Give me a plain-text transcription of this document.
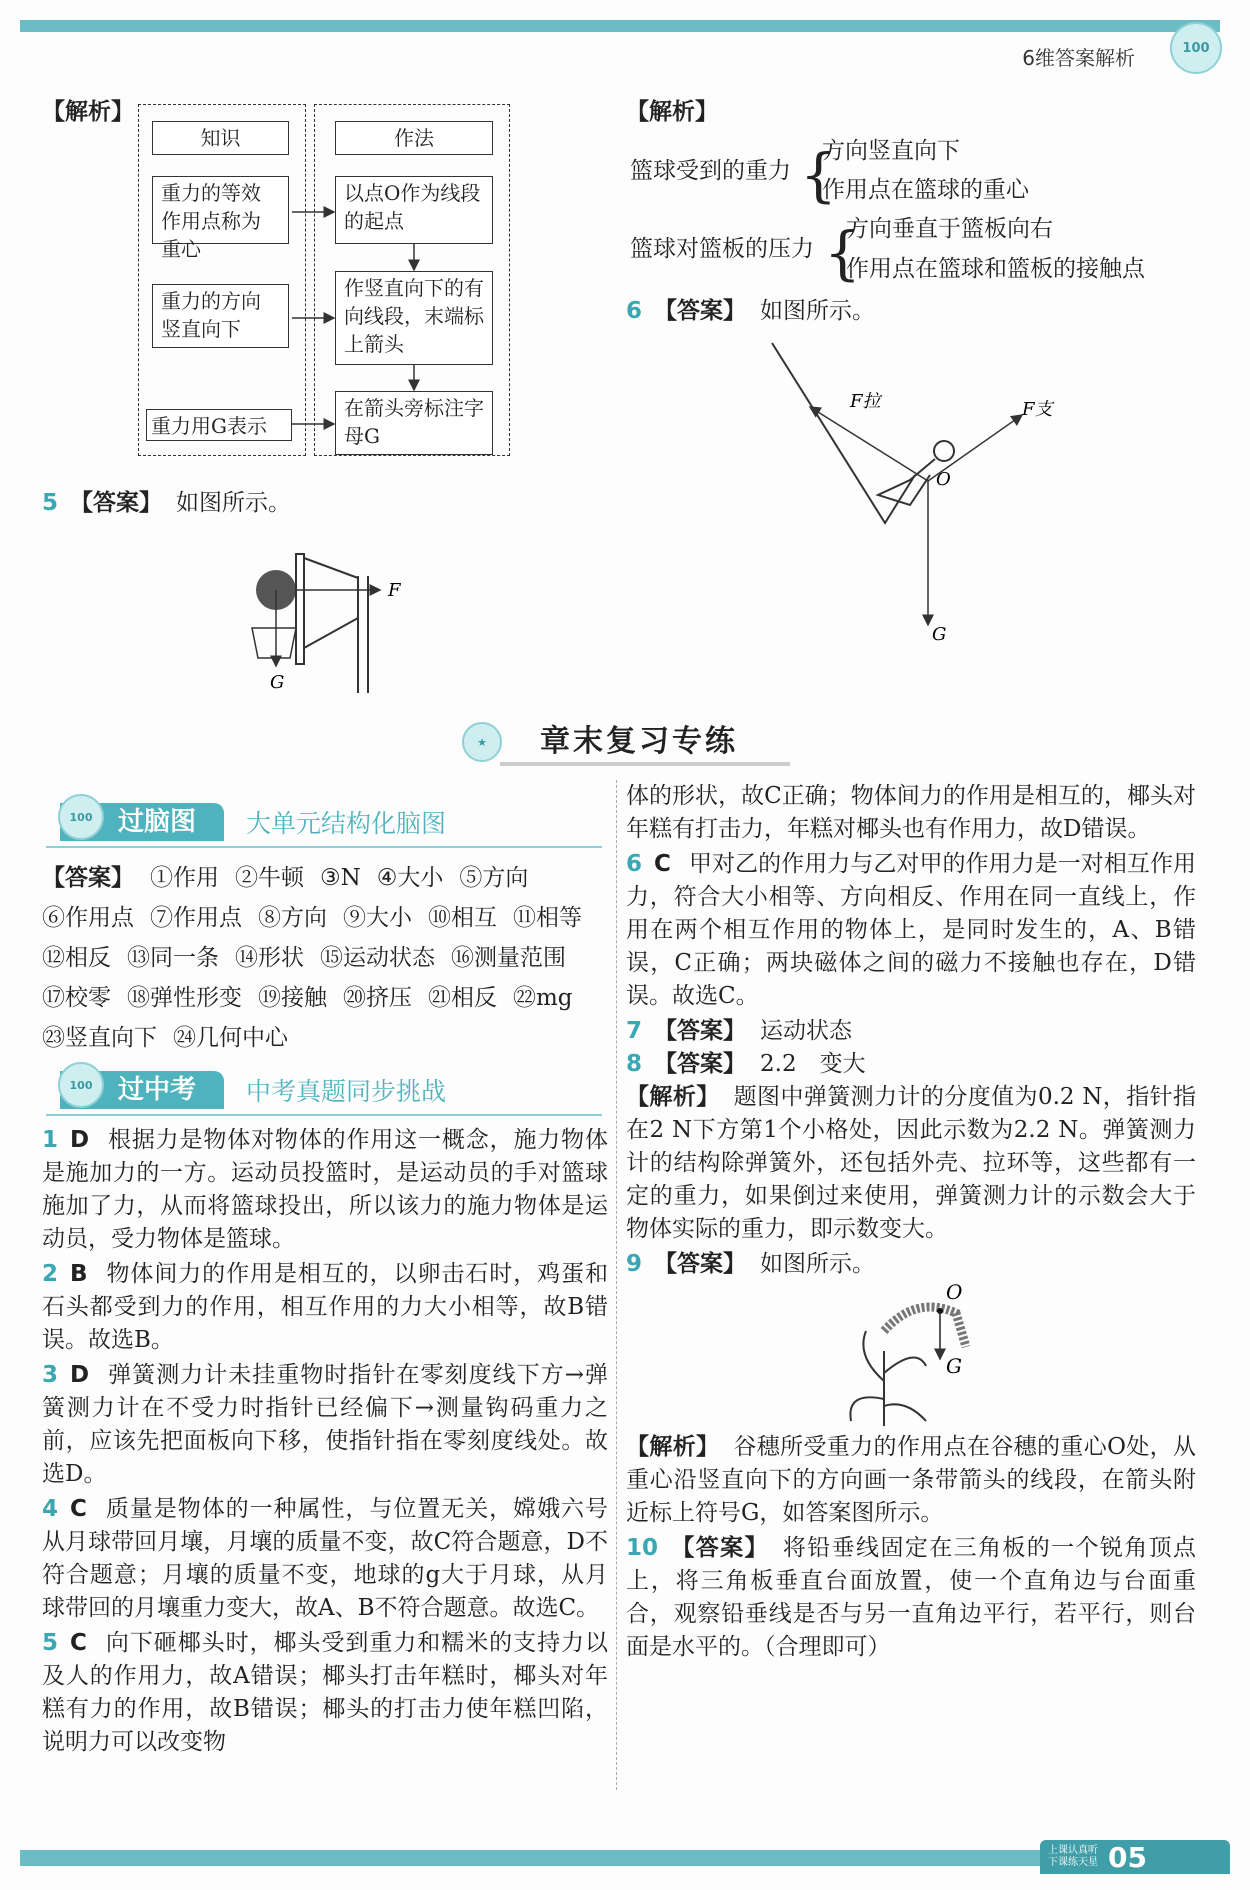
6维答案解析	100
【解析】
知识	作法
重力的等效作用点称为重心
重力的方向竖直向下
重力用G表示
以点O作为线段的起点
作竖直向下的有向线段，末端标上箭头
在箭头旁标注字母G
5 【答案】 如图所示。
F
G
【解析】
篮球受到的重力 {
方向竖直向下
作用点在篮球的重心
篮球对篮板的压力 {
方向垂直于篮板向右
作用点在篮球和篮板的接触点
6 【答案】 如图所示。
F拉	F支
O
G
★	章末复习专练
过脑图	大单元结构化脑图
100
【答案】 ①作用 ②牛顿 ③N ④大小 ⑤方向
⑥作用点 ⑦作用点 ⑧方向 ⑨大小 ⑩相互 ⑪相等
⑫相反 ⑬同一条 ⑭形状 ⑮运动状态 ⑯测量范围
⑰校零 ⑱弹性形变 ⑲接触 ⑳挤压 ㉑相反 ㉒mg
㉓竖直向下 ㉔几何中心
过中考	中考真题同步挑战
100

1 D 根据力是物体对物体的作用这一概念，施力物体是施加力的一方。运动员投篮时，是运动员的手对篮球施加了力，从而将篮球投出，所以该力的施力物体是运动员，受力物体是篮球。

2 B 物体间力的作用是相互的，以卵击石时，鸡蛋和石头都受到力的作用，相互作用的力大小相等，故B错误。故选B。

3 D 弹簧测力计未挂重物时指针在零刻度线下方→弹簧测力计在不受力时指针已经偏下→测量钩码重力之前，应该先把面板向下移，使指针指在零刻度线处。故选D。

4 C 质量是物体的一种属性，与位置无关，嫦娥六号从月球带回月壤，月壤的质量不变，故C符合题意，D不符合题意；月壤的质量不变，地球的g大于月球，从月球带回的月壤重力变大，故A、B不符合题意。故选C。

5 C 向下砸椰头时，椰头受到重力和糯米的支持力以及人的作用力，故A错误；椰头打击年糕时，椰头对年糕有力的作用，故B错误；椰头的打击力使年糕凹陷，说明力可以改变物

体的形状，故C正确；物体间力的作用是相互的，椰头对年糕有打击力，年糕对椰头也有作用力，故D错误。

6 C 甲对乙的作用力与乙对甲的作用力是一对相互作用力，符合大小相等、方向相反、作用在同一直线上，作用在两个相互作用的物体上，是同时发生的，A、B错误，C正确；两块磁体之间的磁力不接触也存在，D错误。故选C。

7 【答案】 运动状态

8 【答案】 2.2　变大

【解析】 题图中弹簧测力计的分度值为0.2 N，指针指在2 N下方第1个小格处，因此示数为2.2 N。弹簧测力计的结构除弹簧外，还包括外壳、拉环等，这些都有一定的重力，如果倒过来使用，弹簧测力计的示数会大于物体实际的重力，即示数变大。

9 【答案】 如图所示。

O
G

【解析】 谷穗所受重力的作用点在谷穗的重心O处，从重心沿竖直向下的方向画一条带箭头的线段，在箭头附近标上符号G，如答案图所示。

10 【答案】 将铅垂线固定在三角板的一个锐角顶点上，将三角板垂直台面放置，使一个直角边与台面重合，观察铅垂线是否与另一直角边平行，若平行，则台面是水平的。（合理即可）

上课认真听
下课练天星 05
